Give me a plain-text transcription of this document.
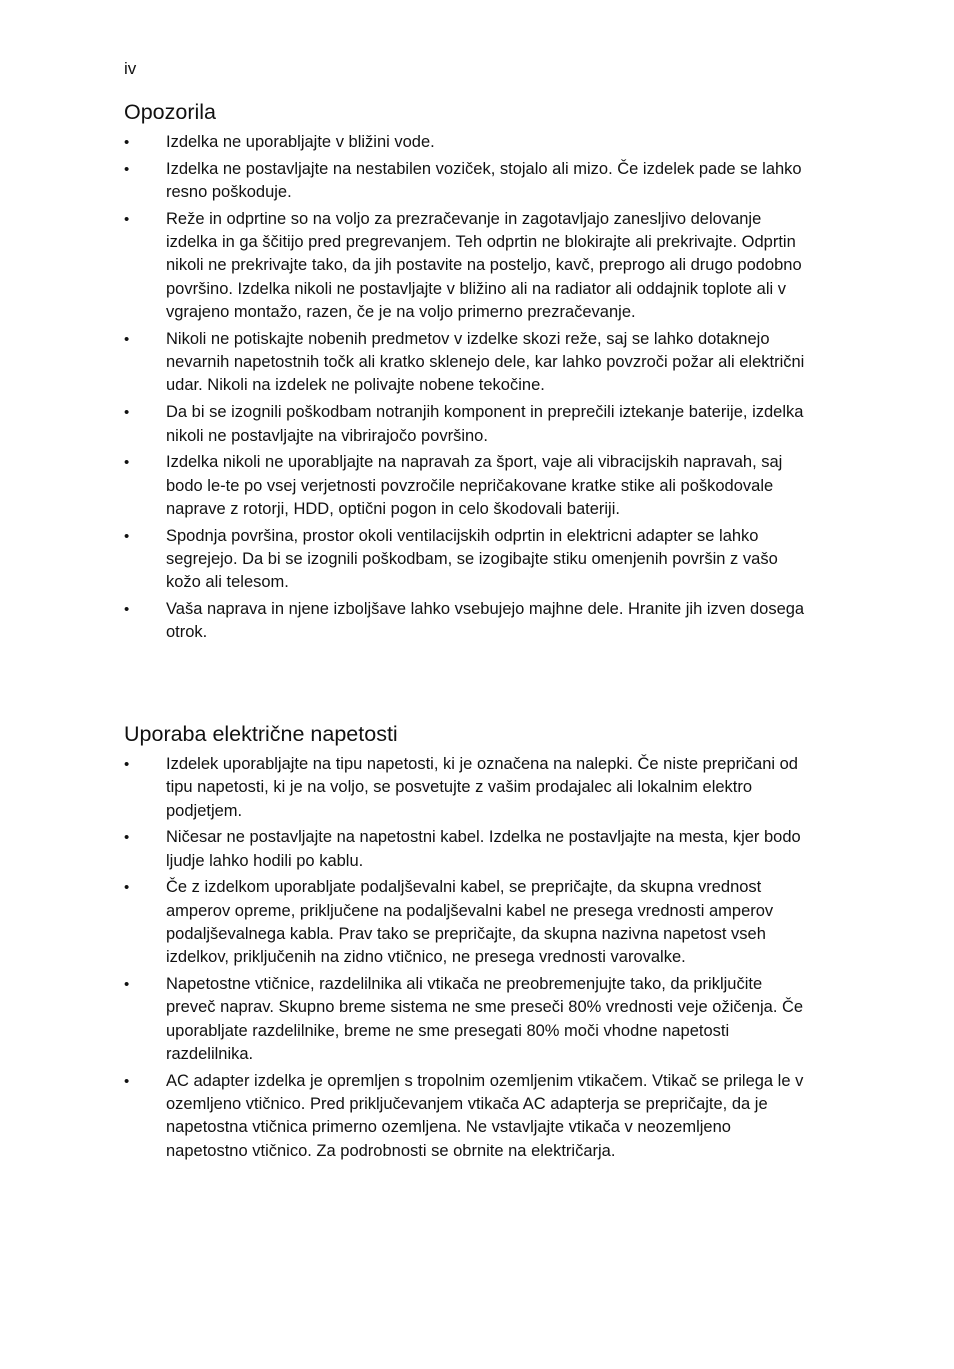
iv

Opozorila
• Izdelka ne uporabljajte v bližini vode.
• Izdelka ne postavljajte na nestabilen voziček, stojalo ali mizo. Če izdelek pade se lahko resno poškoduje.
• Reže in odprtine so na voljo za prezračevanje in zagotavljajo zanesljivo delovanje izdelka in ga ščitijo pred pregrevanjem. Teh odprtin ne blokirajte ali prekrivajte. Odprtin nikoli ne prekrivajte tako, da jih postavite na posteljo, kavč, preprogo ali drugo podobno površino. Izdelka nikoli ne postavljajte v bližino ali na radiator ali oddajnik toplote ali v vgrajeno montažo, razen, če je na voljo primerno prezračevanje.
• Nikoli ne potiskajte nobenih predmetov v izdelke skozi reže, saj se lahko dotaknejo nevarnih napetostnih točk ali kratko sklenejo dele, kar lahko povzroči požar ali električni udar. Nikoli na izdelek ne polivajte nobene tekočine.
• Da bi se izognili poškodbam notranjih komponent in preprečili iztekanje baterije, izdelka nikoli ne postavljajte na vibrirajočo površino.
• Izdelka nikoli ne uporabljajte na napravah za šport, vaje ali vibracijskih napravah, saj bodo le-te po vsej verjetnosti povzročile nepričakovane kratke stike ali poškodovale naprave z rotorji, HDD, optični pogon in celo škodovali bateriji.
• Spodnja površina, prostor okoli ventilacijskih odprtin in elektricni adapter se lahko segrejejo. Da bi se izognili poškodbam, se izogibajte stiku omenjenih površin z vašo kožo ali telesom.
• Vaša naprava in njene izboljšave lahko vsebujejo majhne dele. Hranite jih izven dosega otrok.
Uporaba električne napetosti
• Izdelek uporabljajte na tipu napetosti, ki je označena na nalepki. Če niste prepričani od tipu napetosti, ki je na voljo, se posvetujte z vašim prodajalec ali lokalnim elektro podjetjem.
• Ničesar ne postavljajte na napetostni kabel. Izdelka ne postavljajte na mesta, kjer bodo ljudje lahko hodili po kablu.
• Če z izdelkom uporabljate podaljševalni kabel, se prepričajte, da skupna vrednost amperov opreme, priključene na podaljševalni kabel ne presega vrednosti amperov podaljševalnega kabla. Prav tako se prepričajte, da skupna nazivna napetost vseh izdelkov, priključenih na zidno vtičnico, ne presega vrednosti varovalke.
• Napetostne vtičnice, razdelilnika ali vtikača ne preobremenjujte tako, da priključite preveč naprav. Skupno breme sistema ne sme preseči 80% vrednosti veje ožičenja. Če uporabljate razdelilnike, breme ne sme presegati 80% moči vhodne napetosti razdelilnika.
• AC adapter izdelka je opremljen s tropolnim ozemljenim vtikačem. Vtikač se prilega le v ozemljeno vtičnico. Pred priključevanjem vtikača AC adapterja se prepričajte, da je napetostna vtičnica primerno ozemljena. Ne vstavljajte vtikača v neozemljeno napetostno vtičnico. Za podrobnosti se obrnite na električarja.
